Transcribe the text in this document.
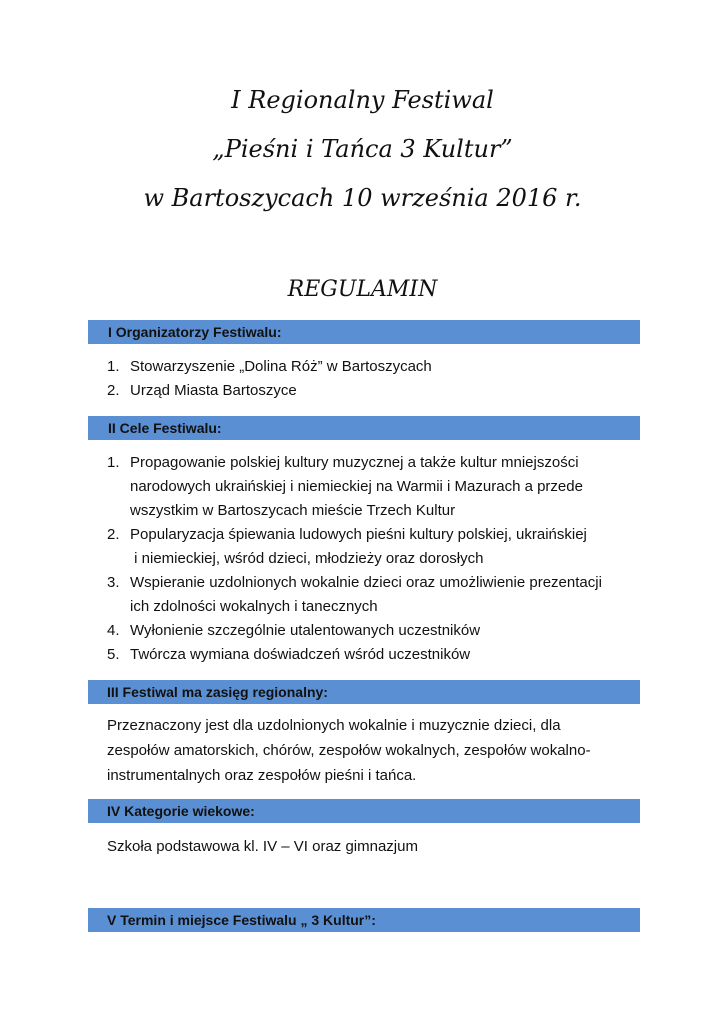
I Regionalny Festiwal
„Pieśni i Tańca 3 Kultur”
w Bartoszycach 10 września 2016 r.
REGULAMIN
I Organizatorzy Festiwalu:
1. Stowarzyszenie „Dolina Róż” w Bartoszycach
2. Urząd Miasta Bartoszyce
II Cele Festiwalu:
1. Propagowanie polskiej kultury muzycznej a także kultur mniejszości
narodowych ukraińskiej i niemieckiej na Warmii i Mazurach a przede
wszystkim w Bartoszycach mieście Trzech Kultur
2. Popularyzacja śpiewania ludowych pieśni kultury polskiej, ukraińskiej
i niemieckiej, wśród dzieci, młodzieży oraz dorosłych
3. Wspieranie uzdolnionych wokalnie dzieci oraz umożliwienie prezentacji
ich zdolności wokalnych i tanecznych
4. Wyłonienie szczególnie utalentowanych uczestników
5. Twórcza wymiana doświadczeń wśród uczestników
III Festiwal ma zasięg regionalny:
Przeznaczony jest dla uzdolnionych wokalnie i muzycznie dzieci, dla
zespołów amatorskich, chórów, zespołów wokalnych, zespołów wokalno-
instrumentalnych oraz zespołów pieśni i tańca.
IV Kategorie wiekowe:
Szkoła podstawowa kl. IV – VI oraz gimnazjum
V Termin i miejsce Festiwalu „ 3 Kultur”:
